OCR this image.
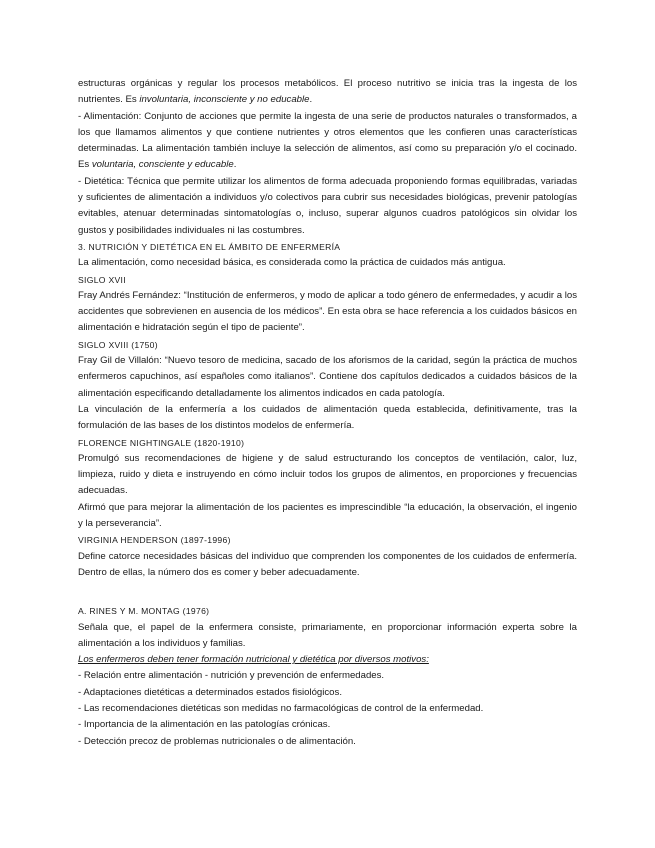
estructuras orgánicas y regular los procesos metabólicos. El proceso nutritivo se inicia tras la ingesta de los nutrientes. Es involuntaria, inconsciente y no educable.

- Alimentación: Conjunto de acciones que permite la ingesta de una serie de productos naturales o transformados, a los que llamamos alimentos y que contiene nutrientes y otros elementos que les confieren unas características determinadas. La alimentación también incluye la selección de alimentos, así como su preparación y/o el cocinado. Es voluntaria, consciente y educable.

- Dietética: Técnica que permite utilizar los alimentos de forma adecuada proponiendo formas equilibradas, variadas y suficientes de alimentación a individuos y/o colectivos para cubrir sus necesidades biológicas, prevenir patologías evitables, atenuar determinadas sintomatologías o, incluso, superar algunos cuadros patológicos sin olvidar los gustos y posibilidades individuales ni las costumbres.

3. NUTRICIÓN Y DIETÉTICA EN EL ÁMBITO DE ENFERMERÍA

La alimentación, como necesidad básica, es considerada como la práctica de cuidados más antigua.

SIGLO XVII

Fray Andrés Fernández: “Institución de enfermeros, y modo de aplicar a todo género de enfermedades, y acudir a los accidentes que sobrevienen en ausencia de los médicos”. En esta obra se hace referencia a los cuidados básicos en alimentación e hidratación según el tipo de paciente”.

SIGLO XVIII (1750)

Fray Gil de Villalón: “Nuevo tesoro de medicina, sacado de los aforismos de la caridad, según la práctica de muchos enfermeros capuchinos, así españoles como italianos”. Contiene dos capítulos dedicados a cuidados básicos de la alimentación especificando detalladamente los alimentos indicados en cada patología.

La vinculación de la enfermería a los cuidados de alimentación queda establecida, definitivamente, tras la formulación de las bases de los distintos modelos de enfermería.

FLORENCE NIGHTINGALE (1820-1910)

Promulgó sus recomendaciones de higiene y de salud estructurando los conceptos de ventilación, calor, luz, limpieza, ruido y dieta e instruyendo en cómo incluir todos los grupos de alimentos, en proporciones y frecuencias adecuadas.

Afirmó que para mejorar la alimentación de los pacientes es imprescindible “la educación, la observación, el ingenio y la perseverancia”.

VIRGINIA HENDERSON (1897-1996)

Define catorce necesidades básicas del individuo que comprenden los componentes de los cuidados de enfermería. Dentro de ellas, la número dos es comer y beber adecuadamente.

A. RINES Y M. MONTAG (1976)

Señala que, el papel de la enfermera consiste, primariamente, en proporcionar información experta sobre la alimentación a los individuos y familias.

Los enfermeros deben tener formación nutricional y dietética por diversos motivos:

- Relación entre alimentación - nutrición y prevención de enfermedades.

- Adaptaciones dietéticas a determinados estados fisiológicos.

- Las recomendaciones dietéticas son medidas no farmacológicas de control de la enfermedad.

- Importancia de la alimentación en las patologías crónicas.

- Detección precoz de problemas nutricionales o de alimentación.
